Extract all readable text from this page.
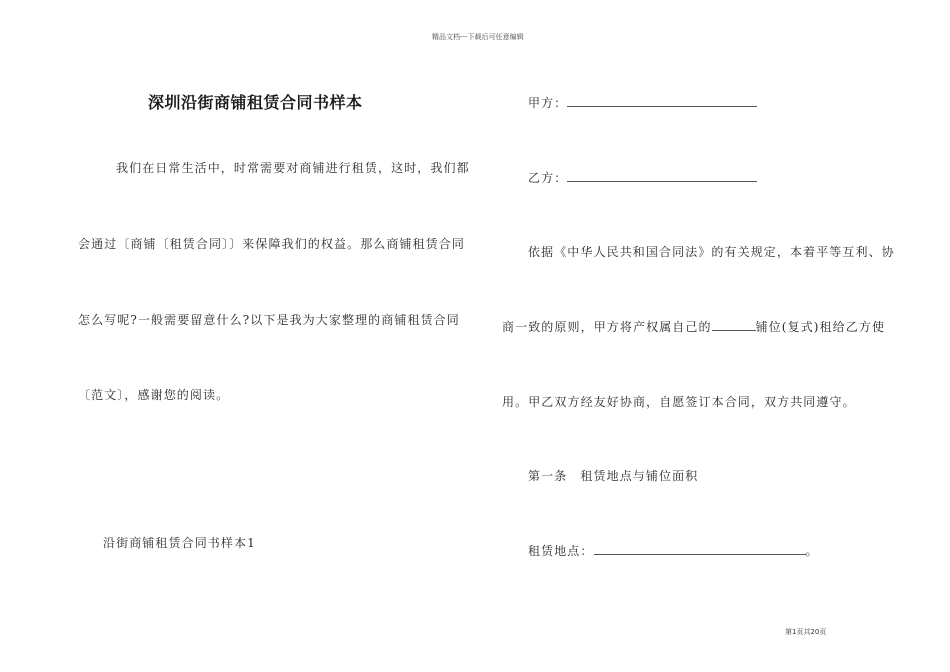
精品文档---下载后可任意编辑
深圳沿街商铺租赁合同书样本

我们在日常生活中，时常需要对商铺进行租赁，这时，我们都

会通过〔商铺〔租赁合同〕〕来保障我们的权益。那么商铺租赁合同

怎么写呢?一般需要留意什么?以下是我为大家整理的商铺租赁合同

〔范文〕，感谢您的阅读。

沿街商铺租赁合同书样本1

甲方：

乙方：

依据《中华人民共和国合同法》的有关规定，本着平等互利、协

商一致的原则，甲方将产权属自己的	铺位(复式)租给乙方使

用。甲乙双方经友好协商，自愿签订本合同，双方共同遵守。

第一条　租赁地点与铺位面积

租赁地点：	。

第1页共20页
